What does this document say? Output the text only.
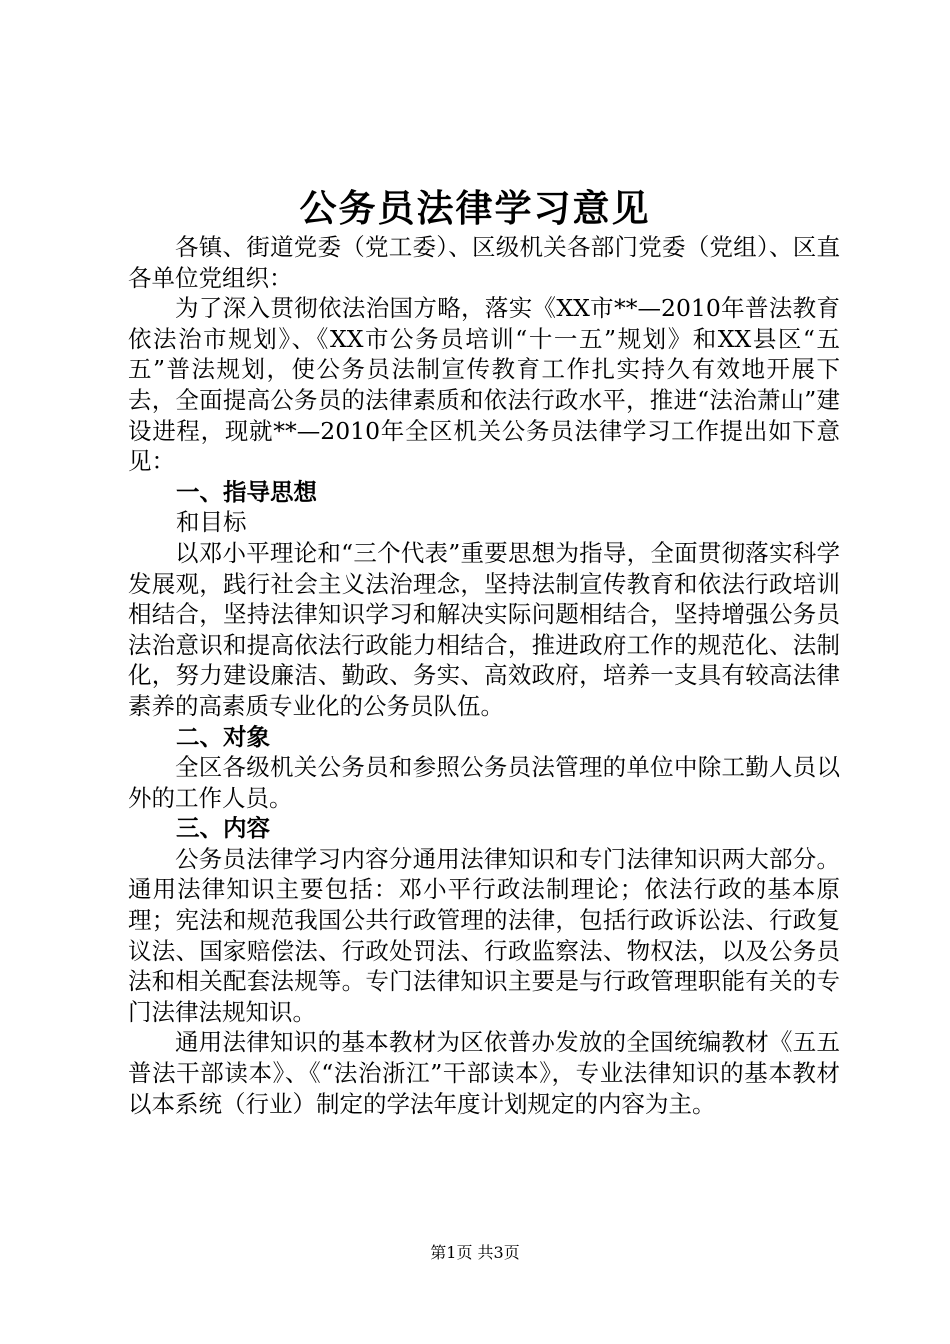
公务员法律学习意见

各镇、街道党委（党工委）、区级机关各部门党委（党组）、区直各单位党组织：

为了深入贯彻依法治国方略，落实《XX市**—2010年普法教育依法治市规划》、《XX市公务员培训“十一五”规划》和XX县区“五五”普法规划，使公务员法制宣传教育工作扎实持久有效地开展下去，全面提高公务员的法律素质和依法行政水平，推进“法治萧山”建设进程，现就**—2010年全区机关公务员法律学习工作提出如下意见：

一、指导思想

和目标

以邓小平理论和“三个代表”重要思想为指导，全面贯彻落实科学发展观，践行社会主义法治理念，坚持法制宣传教育和依法行政培训相结合，坚持法律知识学习和解决实际问题相结合，坚持增强公务员法治意识和提高依法行政能力相结合，推进政府工作的规范化、法制化，努力建设廉洁、勤政、务实、高效政府，培养一支具有较高法律素养的高素质专业化的公务员队伍。

二、对象

全区各级机关公务员和参照公务员法管理的单位中除工勤人员以外的工作人员。

三、内容

公务员法律学习内容分通用法律知识和专门法律知识两大部分。通用法律知识主要包括：邓小平行政法制理论；依法行政的基本原理；宪法和规范我国公共行政管理的法律，包括行政诉讼法、行政复议法、国家赔偿法、行政处罚法、行政监察法、物权法，以及公务员法和相关配套法规等。专门法律知识主要是与行政管理职能有关的专门法律法规知识。

通用法律知识的基本教材为区依普办发放的全国统编教材《五五普法干部读本》、《“法治浙江”干部读本》，专业法律知识的基本教材以本系统（行业）制定的学法年度计划规定的内容为主。

第1页 共3页
